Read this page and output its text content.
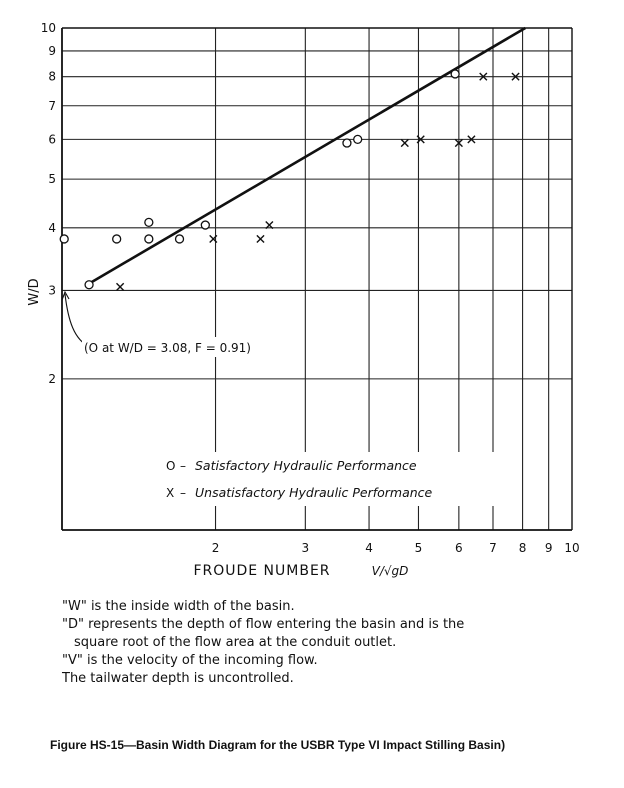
2
3
4
5
6
7
8
9
10
2	3	4	5	6 7 8 9 10
W/D
FROUDE NUMBER	V/√gD
(O at W/D = 3.08, F = 0.91)
O Satisfactory Hydraulic Performance
–
X – Unsatisfactory Hydraulic Performance
"W" is the inside width of the basin.
"D" represents the depth of flow entering the basin and is the
square root of the flow area at the conduit outlet.
"V" is the velocity of the incoming flow.
The tailwater depth is uncontrolled.
Figure HS-15—Basin Width Diagram for the USBR Type VI Impact Stilling Basin)
